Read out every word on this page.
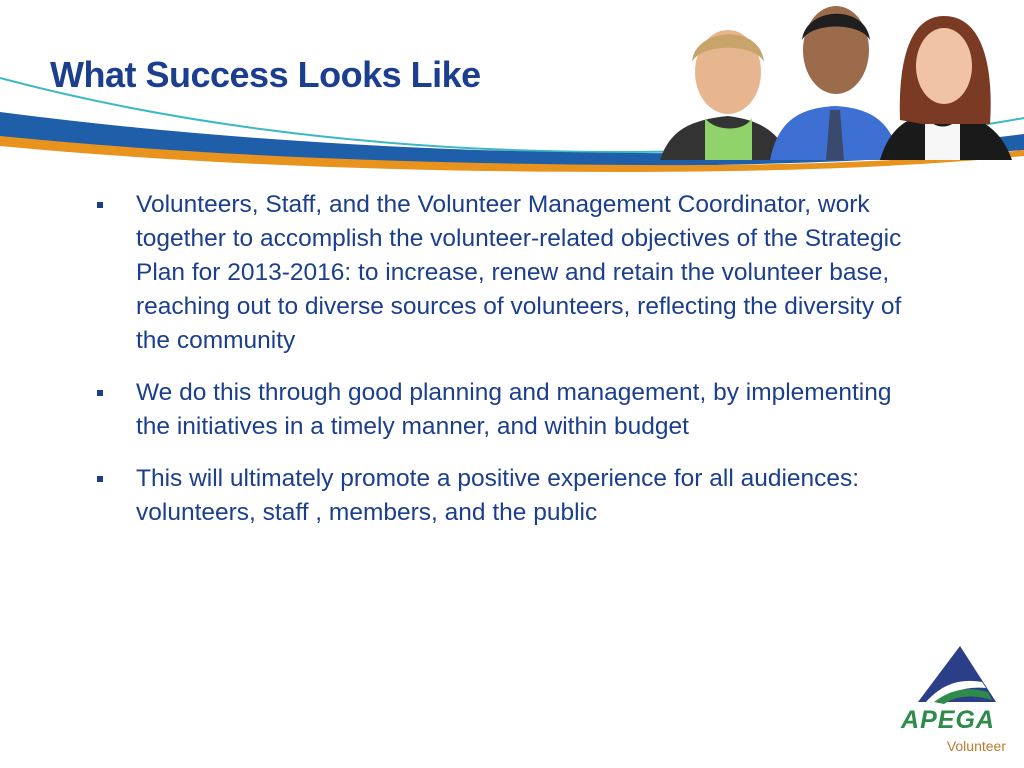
What Success Looks Like
Volunteers, Staff, and the Volunteer Management Coordinator, work together to accomplish the volunteer-related objectives of the Strategic Plan for 2013-2016: to increase, renew and retain the volunteer base, reaching out to diverse sources of volunteers, reflecting the diversity of the community
We do this through good planning and management, by implementing the initiatives in a timely manner, and within budget
This will ultimately promote a positive experience for all audiences: volunteers, staff , members, and the public
APEGA
Volunteer
